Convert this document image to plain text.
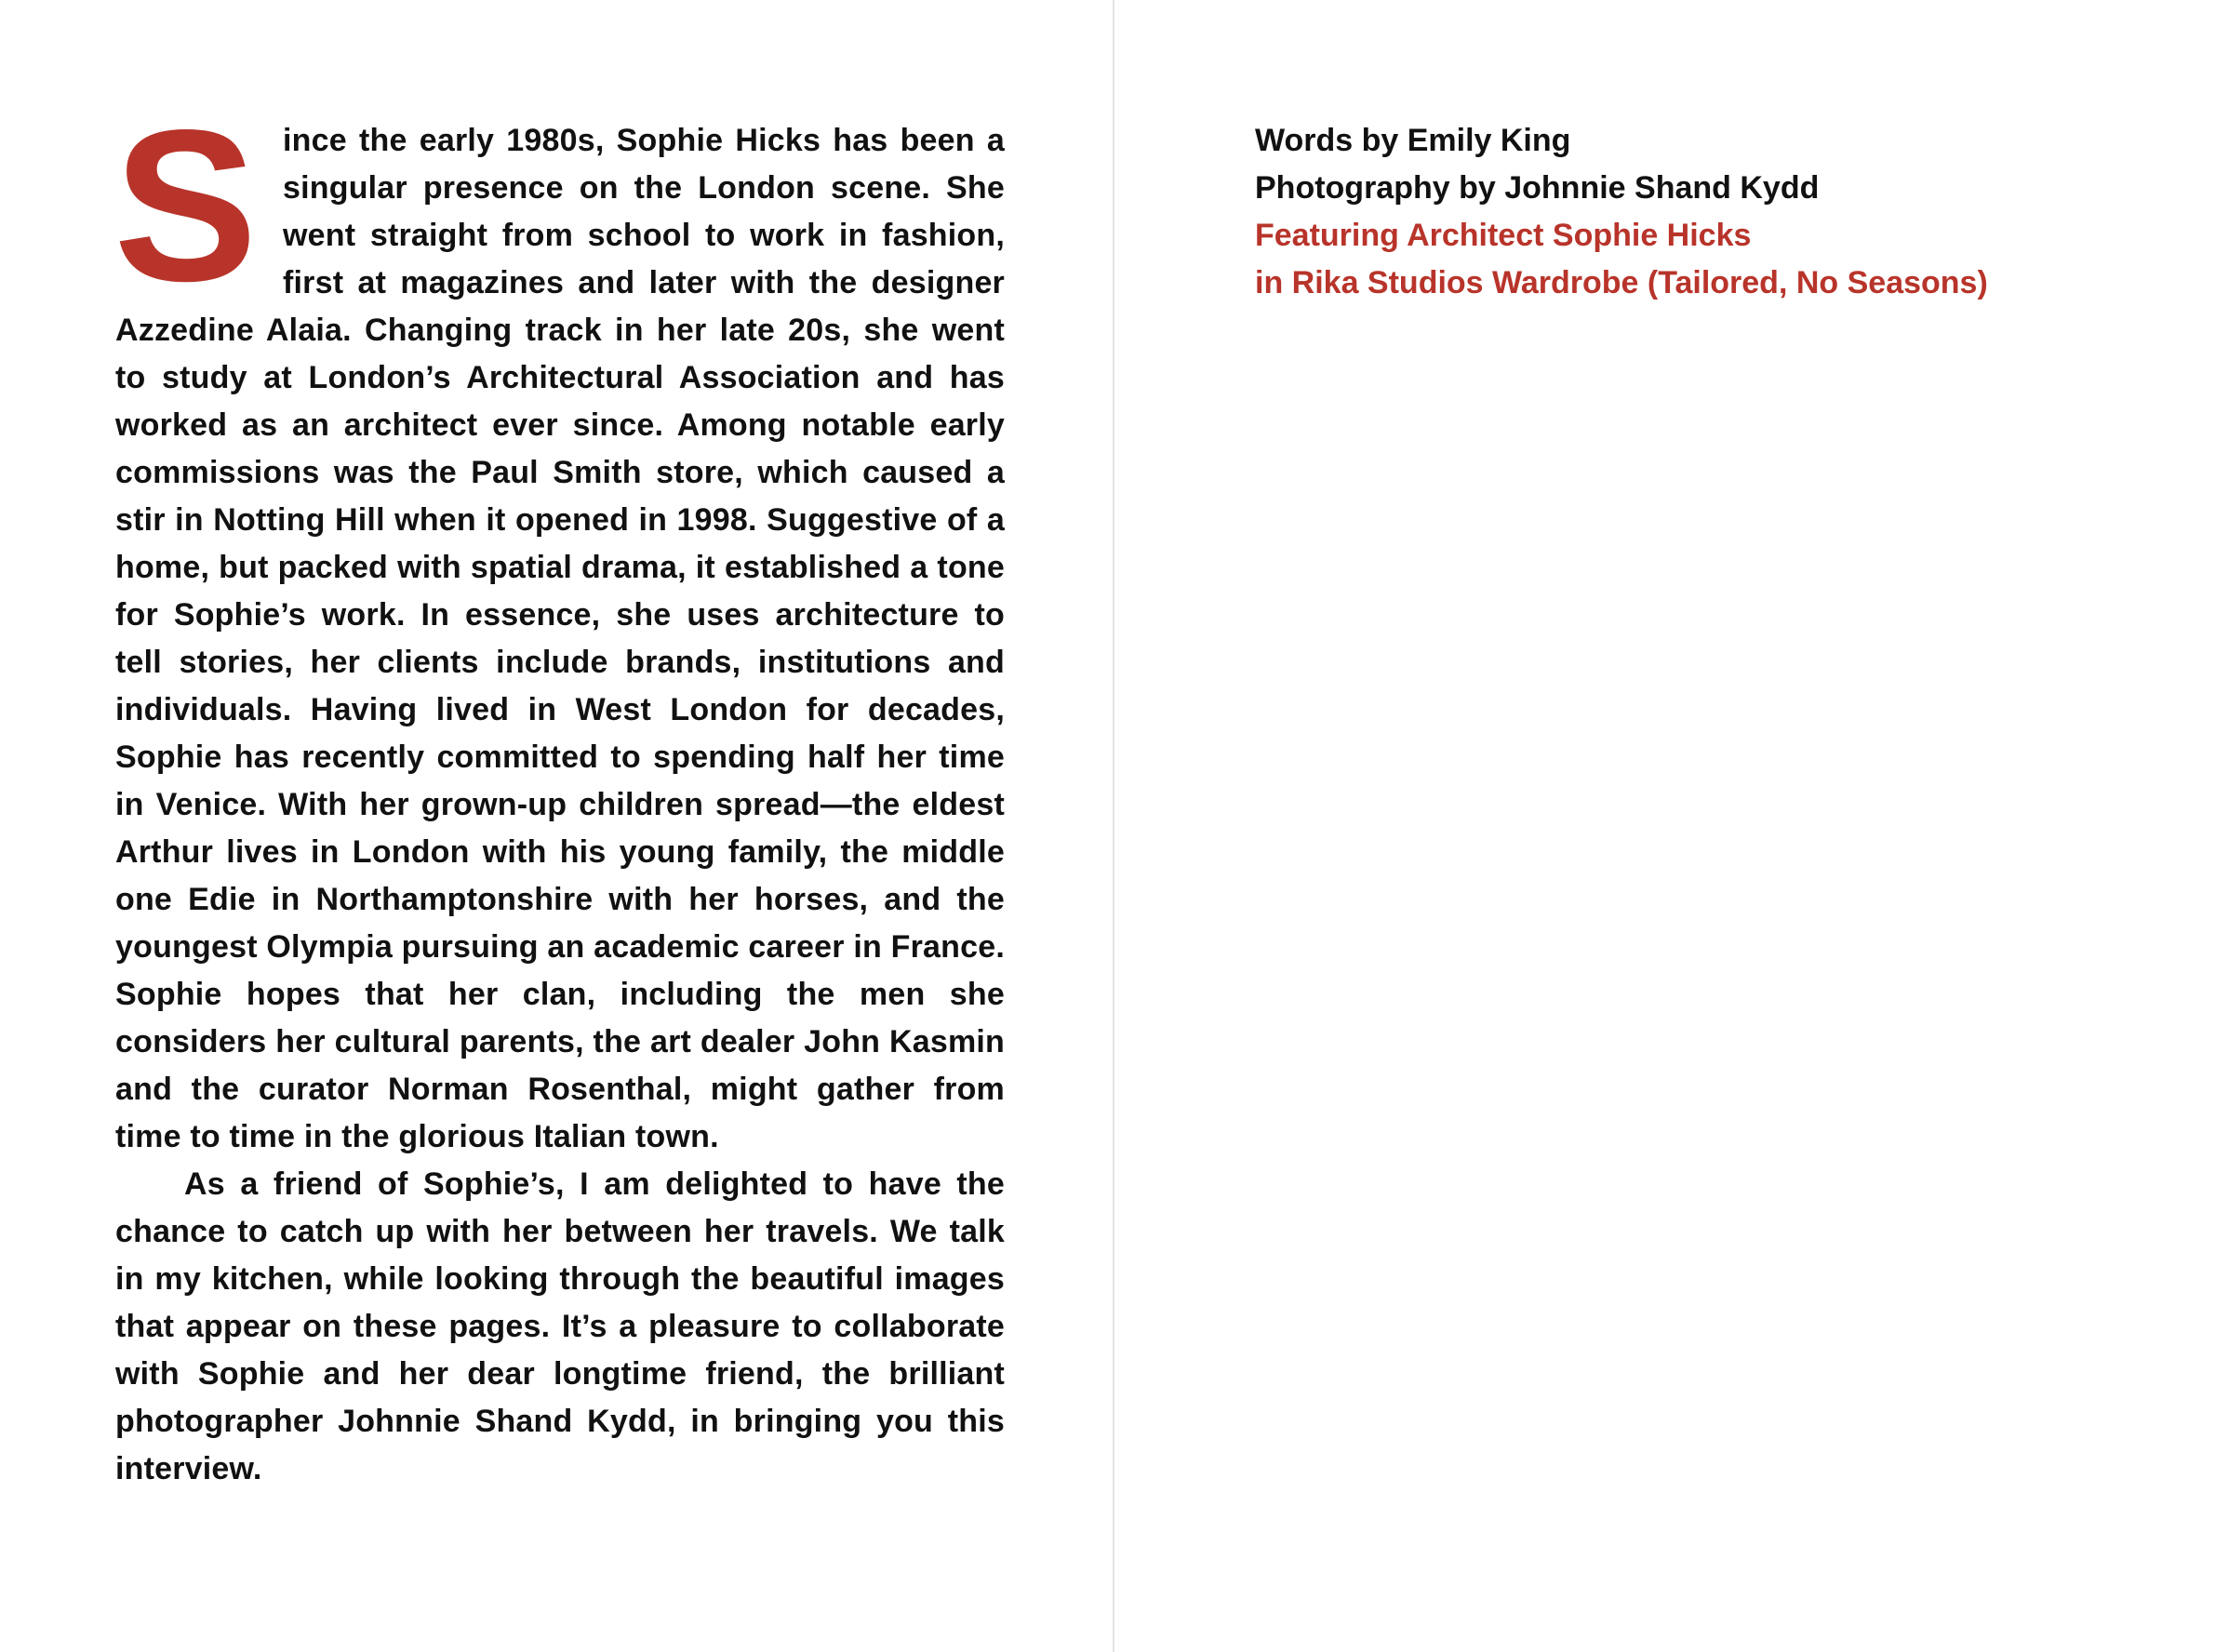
Since the early 1980s, Sophie Hicks has been a singular presence on the London scene. She went straight from school to work in fashion, first at magazines and later with the designer Azzedine Alaia. Changing track in her late 20s, she went to study at London’s Architectural Association and has worked as an architect ever since. Among notable early commissions was the Paul Smith store, which caused a stir in Notting Hill when it opened in 1998. Suggestive of a home, but packed with spatial drama, it established a tone for Sophie’s work. In essence, she uses architecture to tell stories, her clients include brands, institutions and individuals. Having lived in West London for decades, Sophie has recently committed to spending half her time in Venice. With her grown-up children spread—the eldest Arthur lives in London with his young family, the middle one Edie in Northamptonshire with her horses, and the youngest Olympia pursuing an academic career in France. Sophie hopes that her clan, including the men she considers her cultural parents, the art dealer John Kasmin and the curator Norman Rosenthal, might gather from time to time in the glorious Italian town.

As a friend of Sophie’s, I am delighted to have the chance to catch up with her between her travels. We talk in my kitchen, while looking through the beautiful images that appear on these pages. It’s a pleasure to collaborate with Sophie and her dear longtime friend, the brilliant photographer Johnnie Shand Kydd, in bringing you this interview.

Words by Emily King

Photography by Johnnie Shand Kydd

Featuring Architect Sophie Hicks

in Rika Studios Wardrobe (Tailored, No Seasons)
